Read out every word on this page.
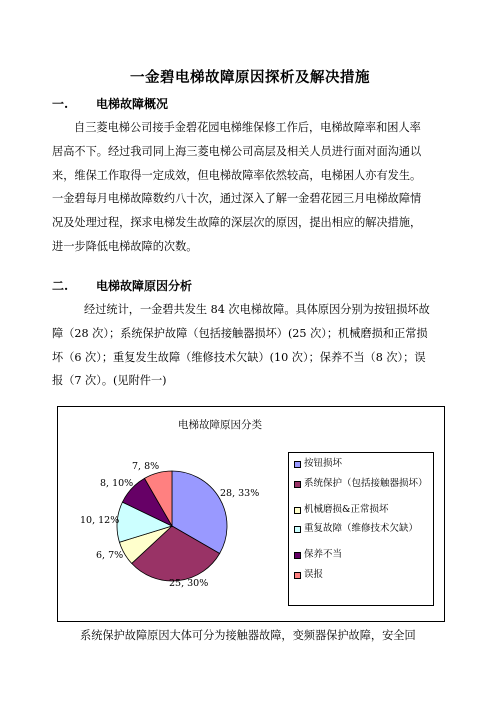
一金碧电梯故障原因探析及解决措施
一. 电梯故障概况
自三菱电梯公司接手金碧花园电梯维保修工作后，电梯故障率和困人率
居高不下。经过我司同上海三菱电梯公司高层及相关人员进行面对面沟通以
来，维保工作取得一定成效，但电梯故障率依然较高，电梯困人亦有发生。
一金碧每月电梯故障数约八十次，通过深入了解一金碧花园三月电梯故障情
况及处理过程，探求电梯发生故障的深层次的原因，提出相应的解决措施，
进一步降低电梯故障的次数。
二. 电梯故障原因分析
经过统计，一金碧共发生 84 次电梯故障。具体原因分别为按钮损坏故
障（28 次）；系统保护故障（包括接触器损坏）(25 次）；机械磨损和正常损
坏（6 次）；重复发生故障（维修技术欠缺）(10 次）；保养不当（8 次）；误
报（7 次）。(见附件一)
电梯故障原因分类
28, 33%
25, 30%
6, 7%
10, 12%
8, 10%
7, 8%	按钮损坏
系统保护（包括接触器损坏）
机械磨损&正常损坏
重复故障（维修技术欠缺）
保养不当
误报
系统保护故障原因大体可分为接触器故障，变频器保护故障，安全回
